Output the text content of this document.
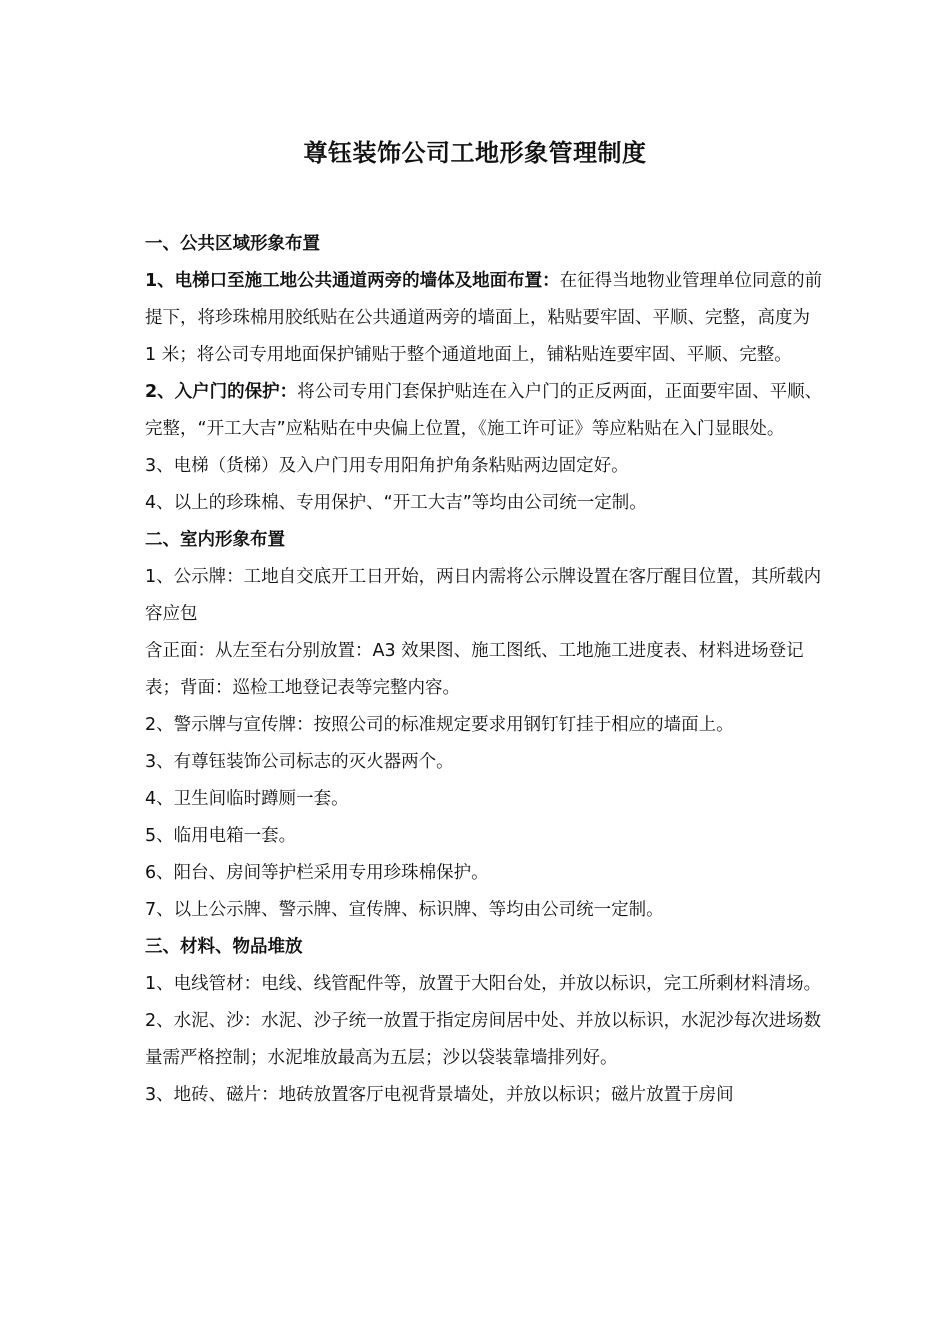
尊钰装饰公司工地形象管理制度

一、公共区域形象布置

1、电梯口至施工地公共通道两旁的墙体及地面布置：在征得当地物业管理单位同意的前提下，将珍珠棉用胶纸贴在公共通道两旁的墙面上，粘贴要牢固、平顺、完整，高度为 1 米；将公司专用地面保护铺贴于整个通道地面上，铺粘贴连要牢固、平顺、完整。

2、入户门的保护：将公司专用门套保护贴连在入户门的正反两面，正面要牢固、平顺、完整，“开工大吉”应粘贴在中央偏上位置，《施工许可证》等应粘贴在入门显眼处。

3、电梯（货梯）及入户门用专用阳角护角条粘贴两边固定好。

4、以上的珍珠棉、专用保护、“开工大吉”等均由公司统一定制。

二、室内形象布置

1、公示牌：工地自交底开工日开始，两日内需将公示牌设置在客厅醒目位置，其所载内容应包

含正面：从左至右分别放置：A3 效果图、施工图纸、工地施工进度表、材料进场登记表；背面：巡检工地登记表等完整内容。

2、警示牌与宣传牌：按照公司的标准规定要求用钢钉钉挂于相应的墙面上。

3、有尊钰装饰公司标志的灭火器两个。

4、卫生间临时蹲厕一套。

5、临用电箱一套。

6、阳台、房间等护栏采用专用珍珠棉保护。

7、以上公示牌、警示牌、宣传牌、标识牌、等均由公司统一定制。

三、材料、物品堆放

1、电线管材：电线、线管配件等，放置于大阳台处，并放以标识，完工所剩材料清场。

2、水泥、沙：水泥、沙子统一放置于指定房间居中处、并放以标识，水泥沙每次进场数量需严格控制；水泥堆放最高为五层；沙以袋装靠墙排列好。

3、地砖、磁片：地砖放置客厅电视背景墙处，并放以标识；磁片放置于房间
